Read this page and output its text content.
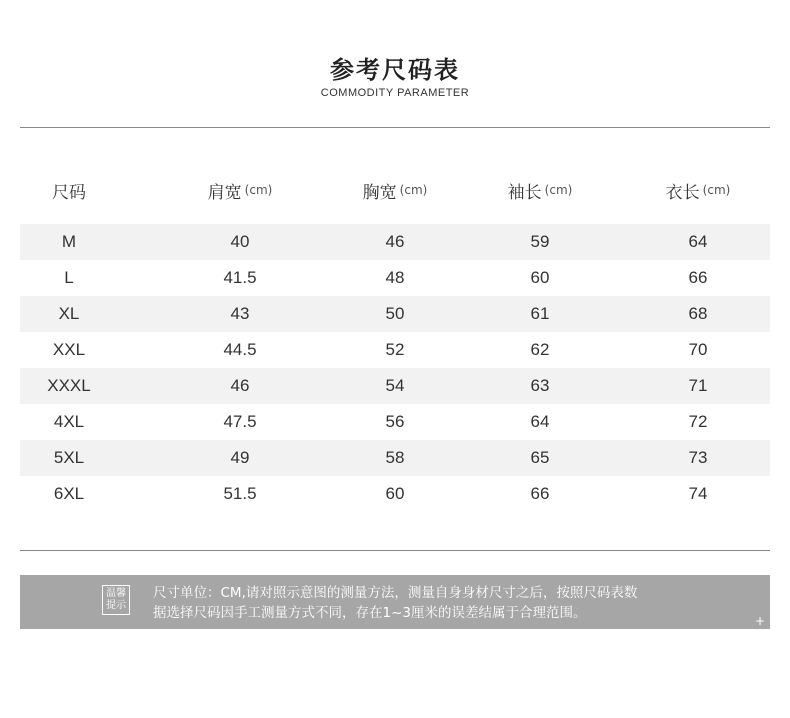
参考尺码表
COMMODITY PARAMETER
尺码	肩宽 (cm)	胸宽 (cm)	袖长 (cm)	衣长 (cm)
M	40	46	59	64
L	41.5	48	60	66
XL	43	50	61	68
XXL	44.5	52	62	70
XXXL	46	54	63	71
4XL	47.5	56	64	72
5XL	49	58	65	73
6XL	51.5	60	66	74
温馨
提示
尺寸单位：CM,请对照示意图的测量方法，测量自身身材尺寸之后，按照尺码表数
据选择尺码因手工测量方式不同，存在1~3厘米的误差结属于合理范围。	+
